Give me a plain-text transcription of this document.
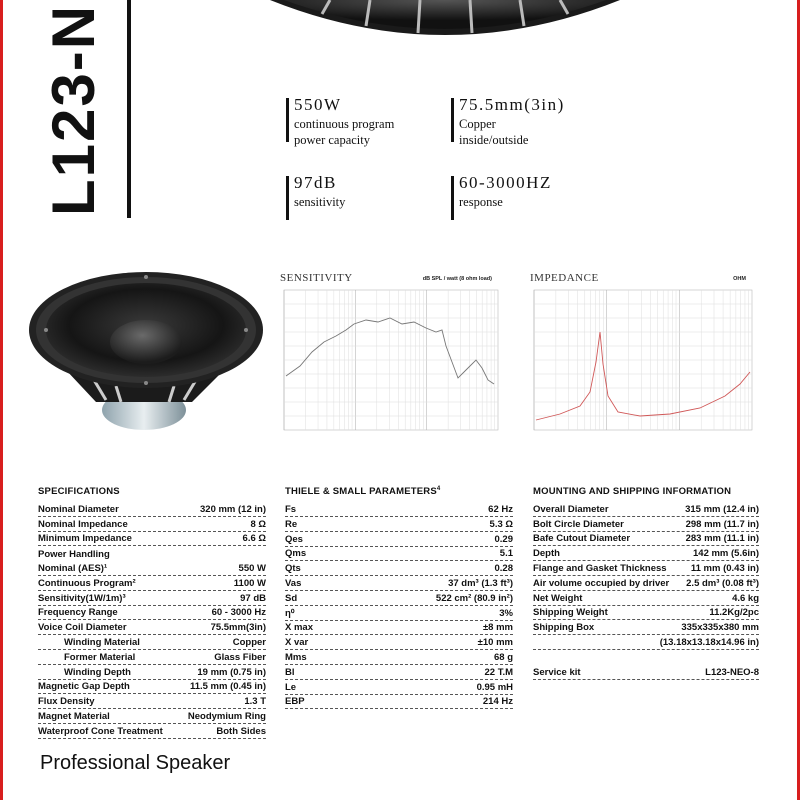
L123-N	550W
continuous program
power capacity
75.5mm(3in)
Copper
inside/outside
97dB
sensitivity
60-3000HZ
response
SENSITIVITY	dB SPL / watt (8 ohm load)	IMPEDANCE	OHM
SPECIFICATIONS
Nominal Diameter	320 mm (12 in)
Nominal Impedance	8 Ω
Minimum Impedance	6.6 Ω
Power Handling
Nominal (AES)¹	550 W
Continuous Program²	1100 W
Sensitivity(1W/1m)³	97 dB
Frequency Range	60 - 3000 Hz
Voice Coil Diameter	75.5mm(3in)
Winding Material	Copper
Former Material	Glass Fiber
Winding Depth	19 mm (0.75 in)
Magnetic Gap Depth	11.5 mm (0.45 in)
Flux Density	1.3 T
Magnet Material	Neodymium Ring
Waterproof Cone Treatment	Both Sides
THIELE & SMALL PARAMETERS$^4$
Fs	62 Hz
Re	5.3 Ω
Qes	0.29
Qms	5.1
Qts	0.28
Vas	37 dm³ (1.3 ft³)
Sd	522 cm² (80.9 in²)
η⁰	3%
X max	±8 mm
X var	±10 mm
Mms	68 g
Bl	22 T.M
Le	0.95 mH
EBP	214 Hz
MOUNTING AND SHIPPING INFORMATION
Overall Diameter	315 mm (12.4 in)
Bolt Circle Diameter	298 mm (11.7 in)
Bafe Cutout Diameter	283 mm (11.1 in)
Depth	142 mm (5.6in)
Flange and Gasket Thickness	11 mm (0.43 in)
Air volume occupied by driver 2.5 dm³ (0.08 ft³)
Net Weight	4.6 kg
Shipping Weight	11.2Kg/2pc
Shipping Box	335x335x380 mm
(13.18x13.18x14.96 in)
Service kit	L123-NEO-8
Professional Speaker
